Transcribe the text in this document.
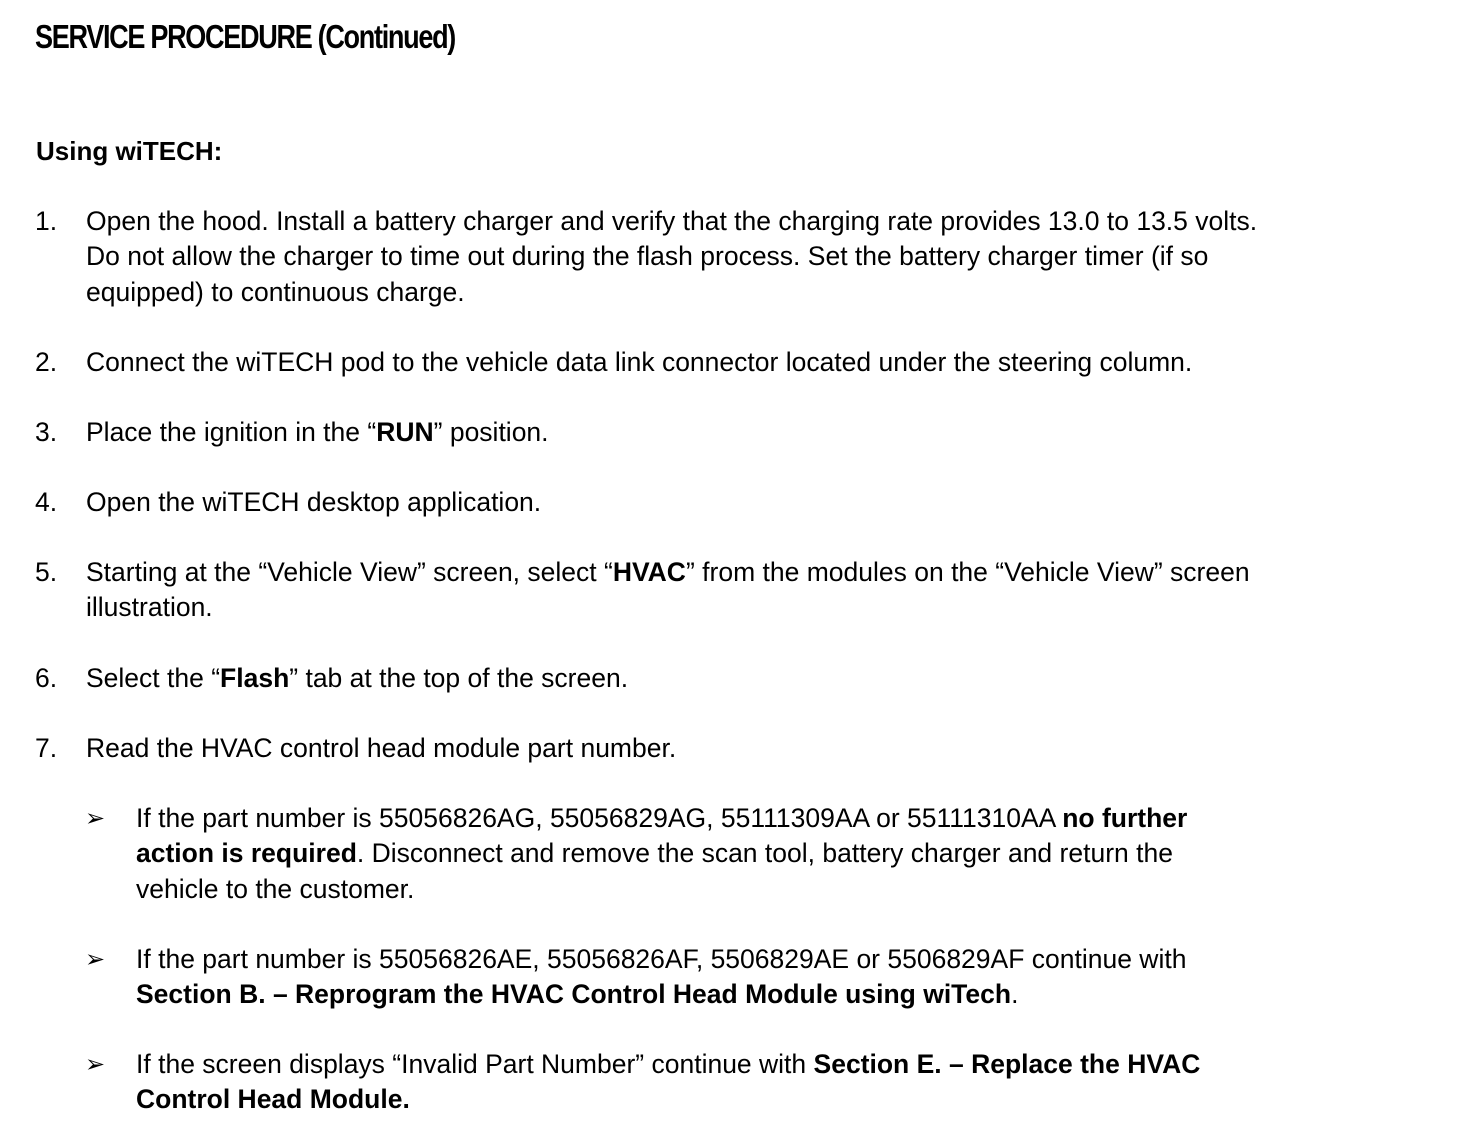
SERVICE PROCEDURE (Continued)
Using wiTECH:
1.	Open the hood. Install a battery charger and verify that the charging rate provides 13.0 to 13.5 volts.
Do not allow the charger to time out during the flash process. Set the battery charger timer (if so
equipped) to continuous charge.
2.	Connect the wiTECH pod to the vehicle data link connector located under the steering column.
3.	Place the ignition in the “RUN” position.
4.	Open the wiTECH desktop application.
5.	Starting at the “Vehicle View” screen, select “HVAC” from the modules on the “Vehicle View” screen
illustration.
6.	Select the “Flash” tab at the top of the screen.
7.	Read the HVAC control head module part number.
➢ If the part number is 55056826AG, 55056829AG, 55111309AA or 55111310AA no further
action is required. Disconnect and remove the scan tool, battery charger and return the
vehicle to the customer.
➢ If the part number is 55056826AE, 55056826AF, 5506829AE or 5506829AF continue with
Section B. – Reprogram the HVAC Control Head Module using wiTech.
➢ If the screen displays “Invalid Part Number” continue with Section E. – Replace the HVAC
Control Head Module.
